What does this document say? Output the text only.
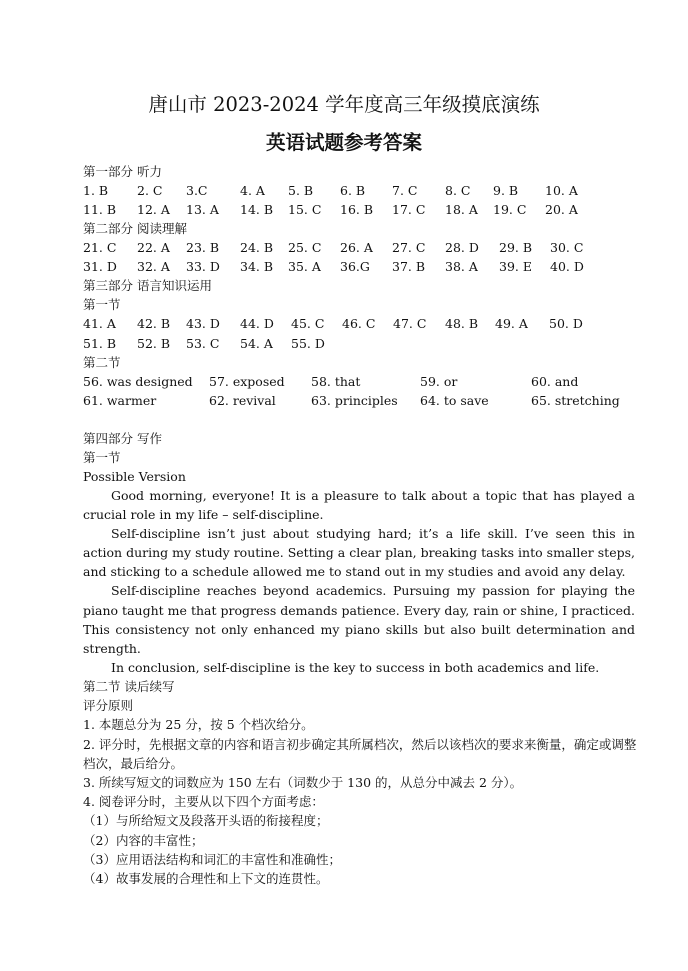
唐山市 2023-2024 学年度高三年级摸底演练
英语试题参考答案
第一部分 听力
1. B 2. C 3.C	4. A 5. B 6. B 7. C 8. C 9. B 10. A
11. B 12. A 13. A 14. B 15. C 16. B 17. C 18. A 19. C 20. A
第二部分 阅读理解
21. C 22. A 23. B 24. B 25. C 26. A 27. C 28. D 29. B 30. C
31. D 32. A 33. D 34. B 35. A 36.G 37. B 38. A 39. E 40. D
第三部分 语言知识运用
第一节
41. A 42. B 43. D 44. D 45. C 46. C 47. C 48. B 49. A 50. D
51. B 52. B 53. C 54. A 55. D
第二节
56. was designed 57. exposed 58. that	59. or	60. and
61. warmer	62. revival	63. principles 64. to save	65. stretching
第四部分 写作
第一节
Possible Version

Good morning, everyone! It is a pleasure to talk about a topic that has played a crucial role in my life – self-discipline.

Self-discipline isn’t just about studying hard; it’s a life skill. I’ve seen this in action during my study routine. Setting a clear plan, breaking tasks into smaller steps, and sticking to a schedule allowed me to stand out in my studies and avoid any delay.

Self-discipline reaches beyond academics. Pursuing my passion for playing the piano taught me that progress demands patience. Every day, rain or shine, I practiced. This consistency not only enhanced my piano skills but also built determination and strength.

In conclusion, self-discipline is the key to success in both academics and life.

第二节 读后续写
评分原则
1. 本题总分为 25 分，按 5 个档次给分。
2. 评分时，先根据文章的内容和语言初步确定其所属档次，然后以该档次的要求来衡量，确定或调整档次，最后给分。
3. 所续写短文的词数应为 150 左右（词数少于 130 的，从总分中减去 2 分）。
4. 阅卷评分时，主要从以下四个方面考虑：
（1）与所给短文及段落开头语的衔接程度；
（2）内容的丰富性；
（3）应用语法结构和词汇的丰富性和准确性；
（4）故事发展的合理性和上下文的连贯性。
